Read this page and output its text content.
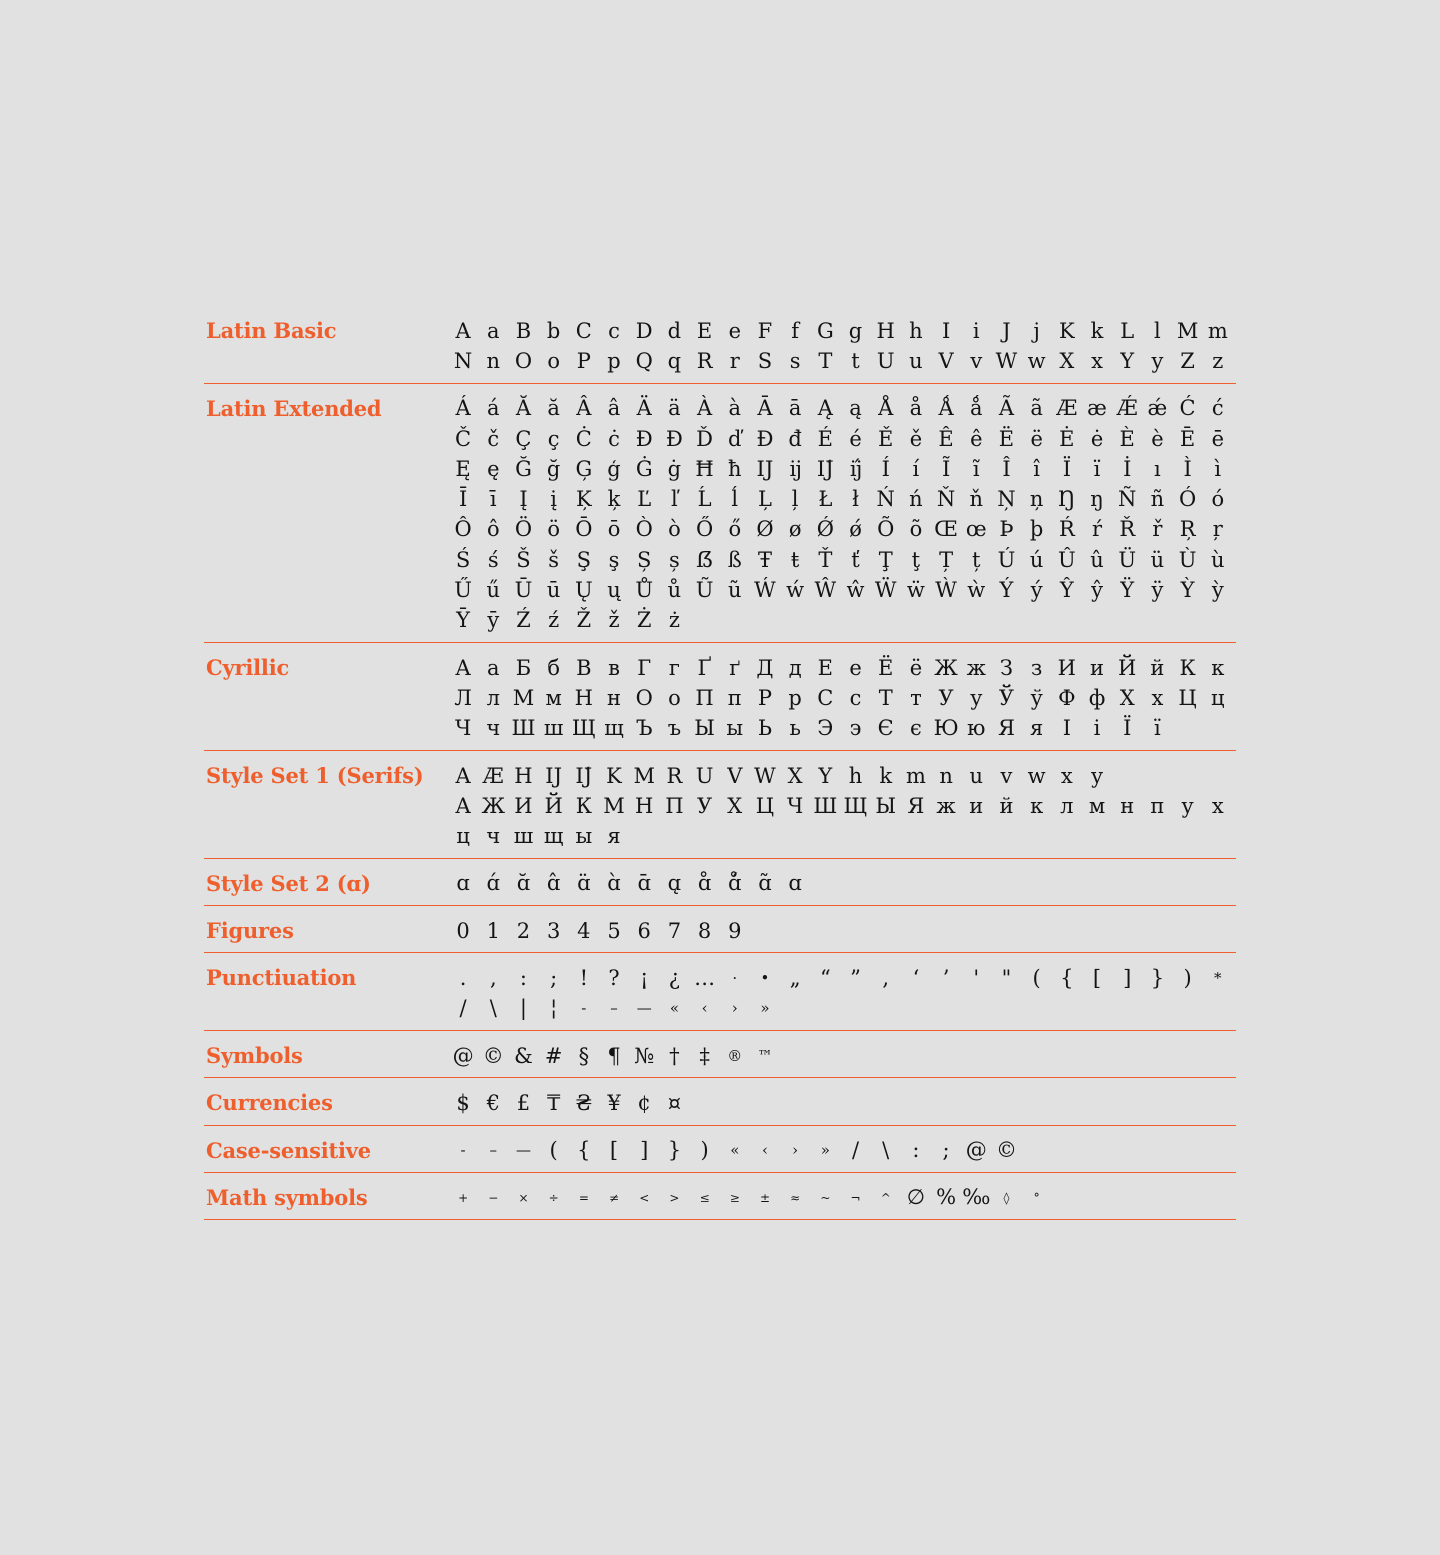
Latin Basic	A a B b C c D d E e F f G g H h I	i	J	j K k L l M m
N n O o P p Q q R r S s T t U u V v W w X x Y y Z z
Latin Extended	Á á Ă ă Â â Ä ä À à Ā ā Ą ą Å å Ǻ ǻ Ã ã Æ æ Ǽ ǽ Ć ć
Č č Ç ç Ċ ċ Ð Đ Ď ď Đ đ É é Ě ě Ê ê Ë ë Ė ė È è Ē ē
Ę ę Ğ ğ Ģ ģ Ġ ġ Ħ ħ Ĳ ĳ Ĳ́ ĳ́ Í	í	Ĩ	ĩ	Î	î	Ï	ï	İ	ı	Ì	ì
Ī	ī	Į	į Ķ ķ Ľ ľ Ĺ ĺ Ļ ļ Ł ł Ń ń Ň ň Ņ ņ Ŋ ŋ Ñ ñ Ó ó
Ô ô Ö ö Ō ō Ò ò Ő ő Ø ø Ǿ ǿ Õ õ Œ œ Þ þ Ŕ ŕ Ř ř Ŗ ŗ
Ś ś Š š Ş ş Ș ș ẞ ß Ŧ ŧ Ť ť Ţ ţ Ț ț Ú ú Û û Ü ü Ù ù
Ű ű Ū ū Ų ų Ů ů Ũ ũ Ẃ ẃ Ŵ ŵ Ẅ ẅ Ẁ ẁ Ý ý Ŷ ŷ Ÿ ÿ Ỳ ỳ
Ȳ ȳ Ź ź Ž ž Ż ż
Cyrillic	А а Б б В в Г г Ґ ґ Д д Е е Ё ё Ж ж З з И и Й й К к
Л л М м Н н О о П п Р р С с Т т У у Ў ў Ф ф Х х Ц ц
Ч ч Ш ш Щ щ Ъ ъ Ы ы Ь ь Э э Є є Ю ю Я я І	і	Ї	ї
Style Set 1 (Serifs)	A Æ H Ĳ Ĳ́ K M R U V W X Y h k m n u v w x y
А Ж И Й К М Н П У Х Ц Ч Ш Щ Ы Я ж и й к л м н п у х
ц ч ш щ ы я
Style Set 2 (ɑ)	ɑ ɑ́ ɑ̆ ɑ̂ ɑ̈ ɑ̀ ɑ̄ ɑ̨ ɑ̊ ɑ̊́ ɑ̃ ɑ
Figures	0 1 2 3 4 5 6 7 8 9
Punctiuation	.	,	:	;	! ? ¡ ¿ …	·	• „ “ ”	,	‘	’	'	"	( { [	] } )	*
/	\	|	¦	-	–	—	«	‹	›	»
Symbols	@ © & # § ¶ № † ‡	®	™
Currencies	$ € £ ₸ ₴ ¥ ¢ ¤
Case-sensitive	-	–	— ( { [	] } )	«	‹	›	»	/	\	:	; @ ©
Math symbols	+	−	×	÷	=	≠	<	>	≤	≥	±	≈	~	¬	^ ∅ % ‰	◊	°
